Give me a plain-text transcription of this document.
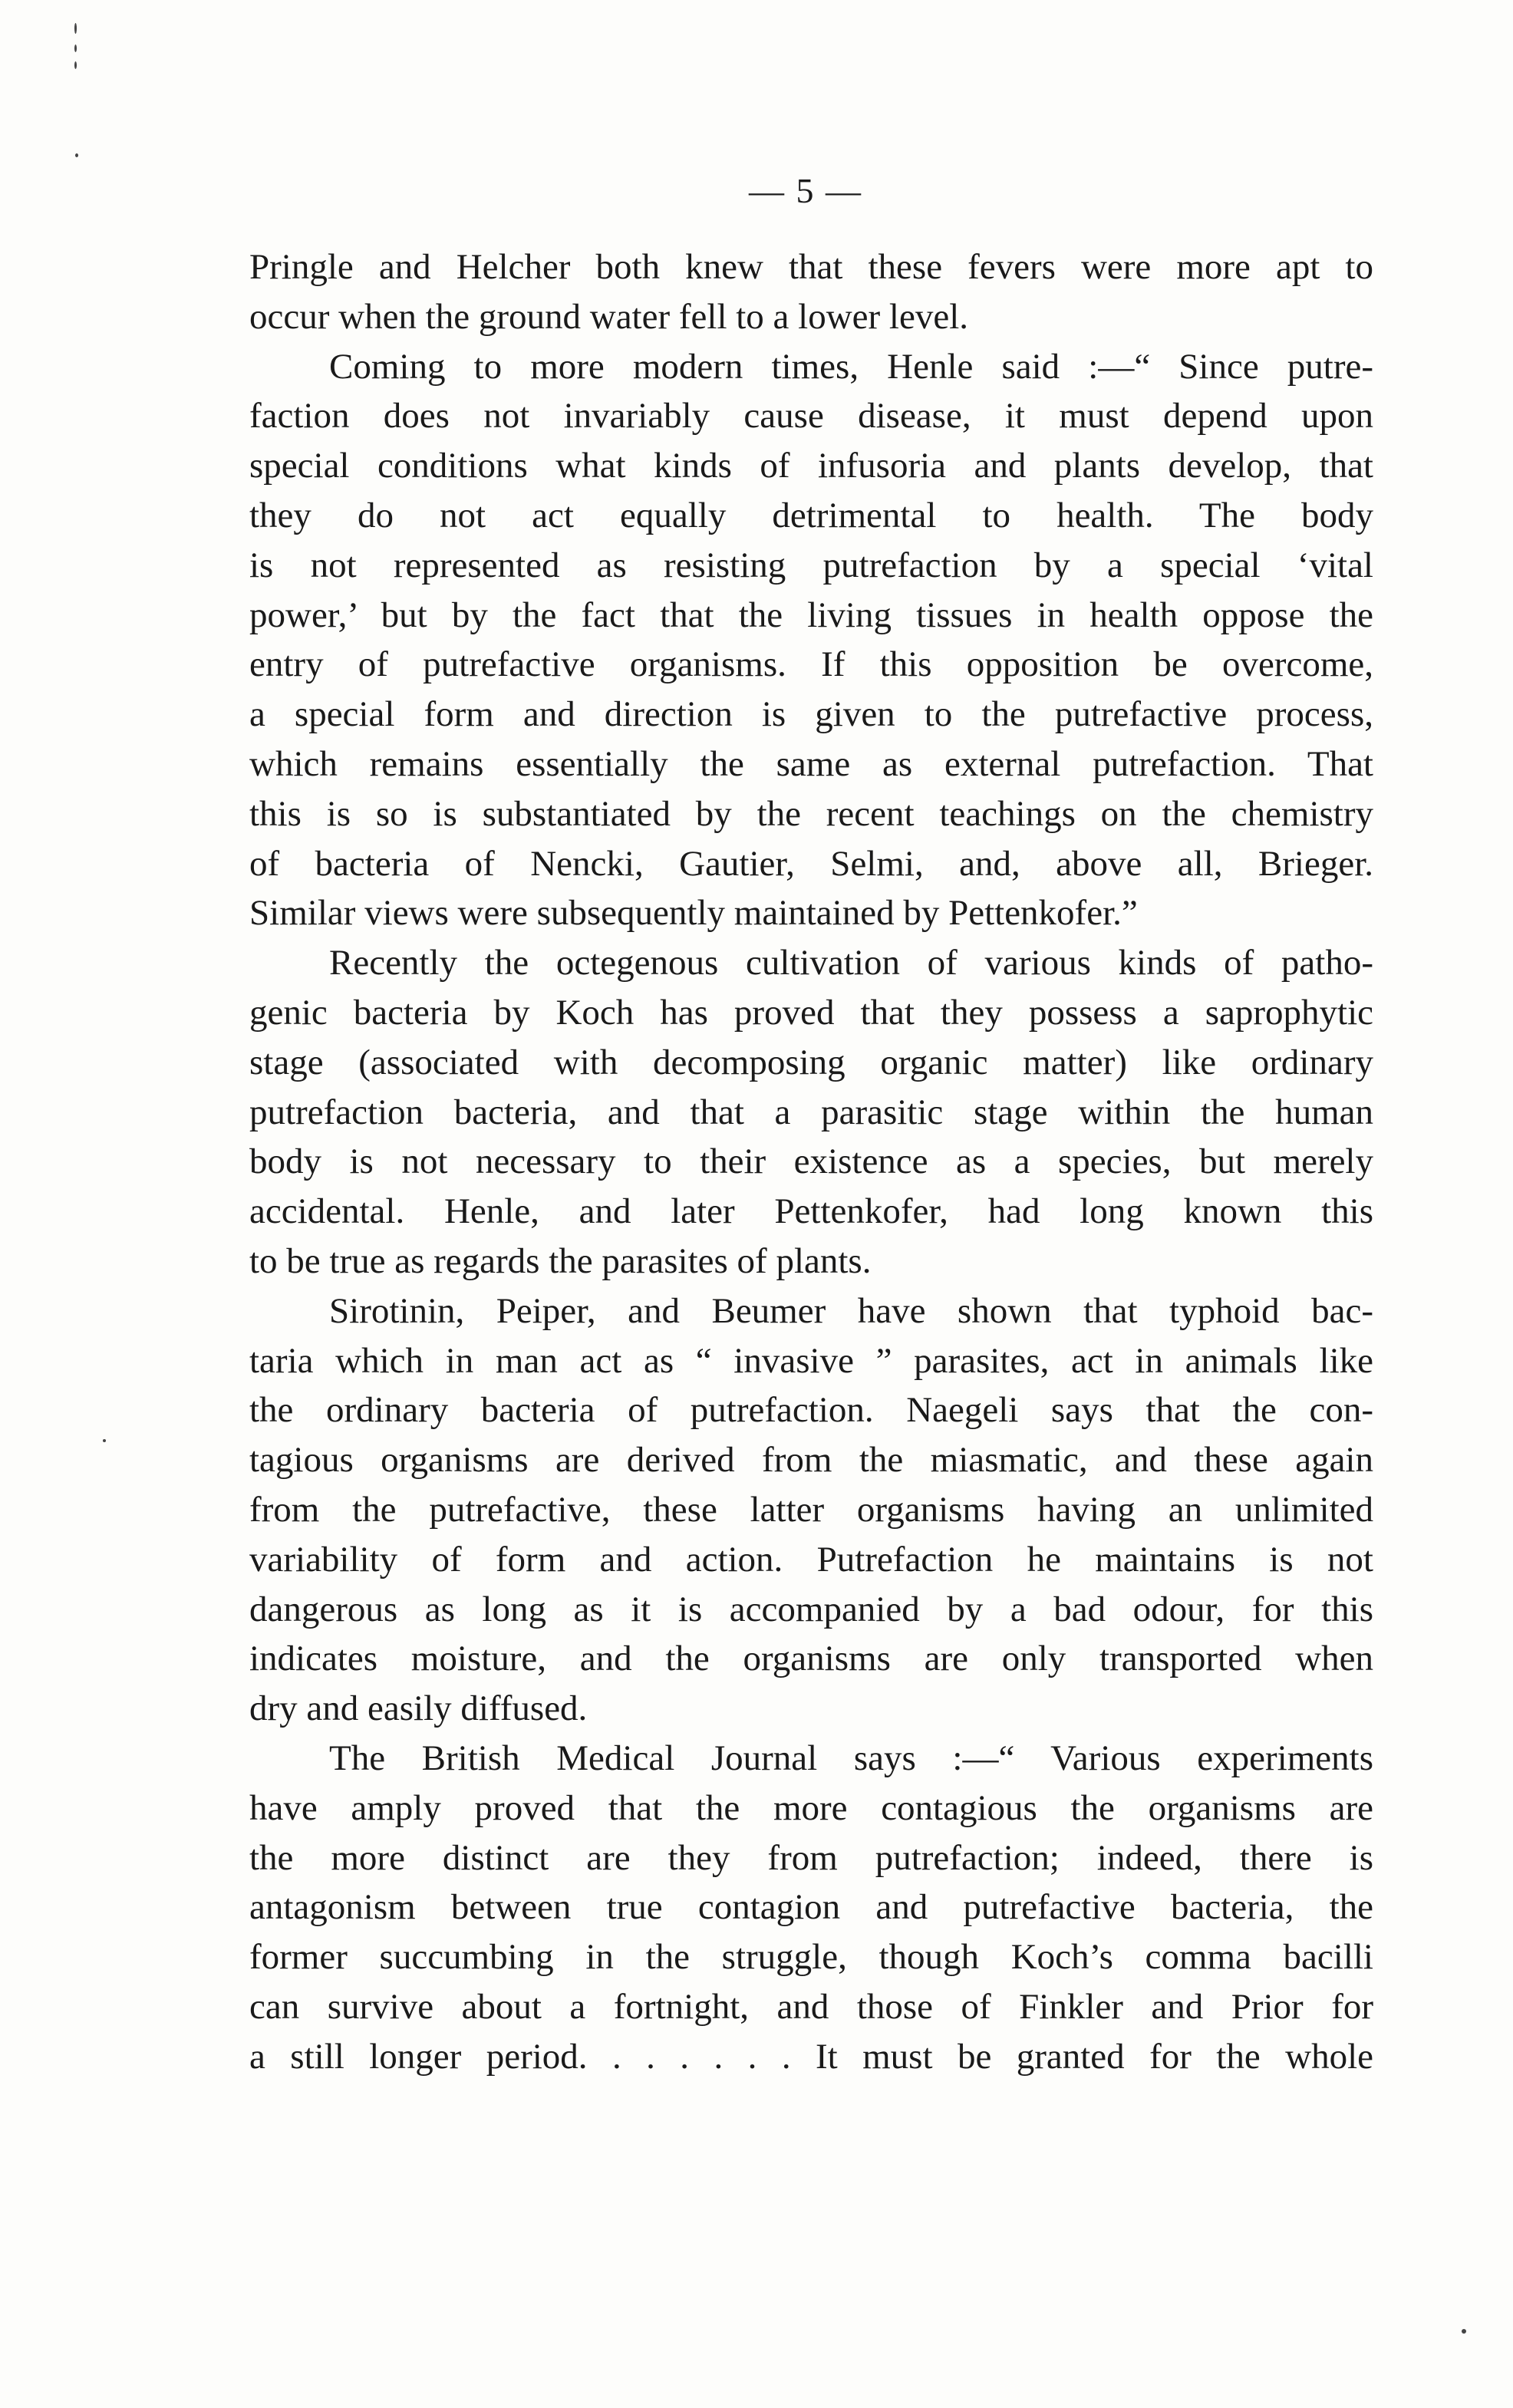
— 5 —
Pringle and Helcher both knew that these fevers were more apt to
occur when the ground water fell to a lower level.
Coming to more modern times, Henle said :—“ Since putre-
faction does not invariably cause disease, it must depend upon
special conditions what kinds of infusoria and plants develop, that
they do not act equally detrimental to health. The body
is not represented as resisting putrefaction by a special ‘vital
power,’ but by the fact that the living tissues in health oppose the
entry of putrefactive organisms. If this opposition be overcome,
a special form and direction is given to the putrefactive process,
which remains essentially the same as external putrefaction. That
this is so is substantiated by the recent teachings on the chemistry
of bacteria of Nencki, Gautier, Selmi, and, above all, Brieger.
Similar views were subsequently maintained by Pettenkofer.”
Recently the octegenous cultivation of various kinds of patho-
genic bacteria by Koch has proved that they possess a saprophytic
stage (associated with decomposing organic matter) like ordinary
putrefaction bacteria, and that a parasitic stage within the human
body is not necessary to their existence as a species, but merely
accidental. Henle, and later Pettenkofer, had long known this
to be true as regards the parasites of plants.
Sirotinin, Peiper, and Beumer have shown that typhoid bac-
taria which in man act as “ invasive ” parasites, act in animals like
the ordinary bacteria of putrefaction. Naegeli says that the con-
tagious organisms are derived from the miasmatic, and these again
from the putrefactive, these latter organisms having an unlimited
variability of form and action. Putrefaction he maintains is not
dangerous as long as it is accompanied by a bad odour, for this
indicates moisture, and the organisms are only transported when
dry and easily diffused.
The British Medical Journal says :—“ Various experiments
have amply proved that the more contagious the organisms are
the more distinct are they from putrefaction; indeed, there is
antagonism between true contagion and putrefactive bacteria, the
former succumbing in the struggle, though Koch’s comma bacilli
can survive about a fortnight, and those of Finkler and Prior for
a still longer period. . . . . . . It must be granted for the whole
